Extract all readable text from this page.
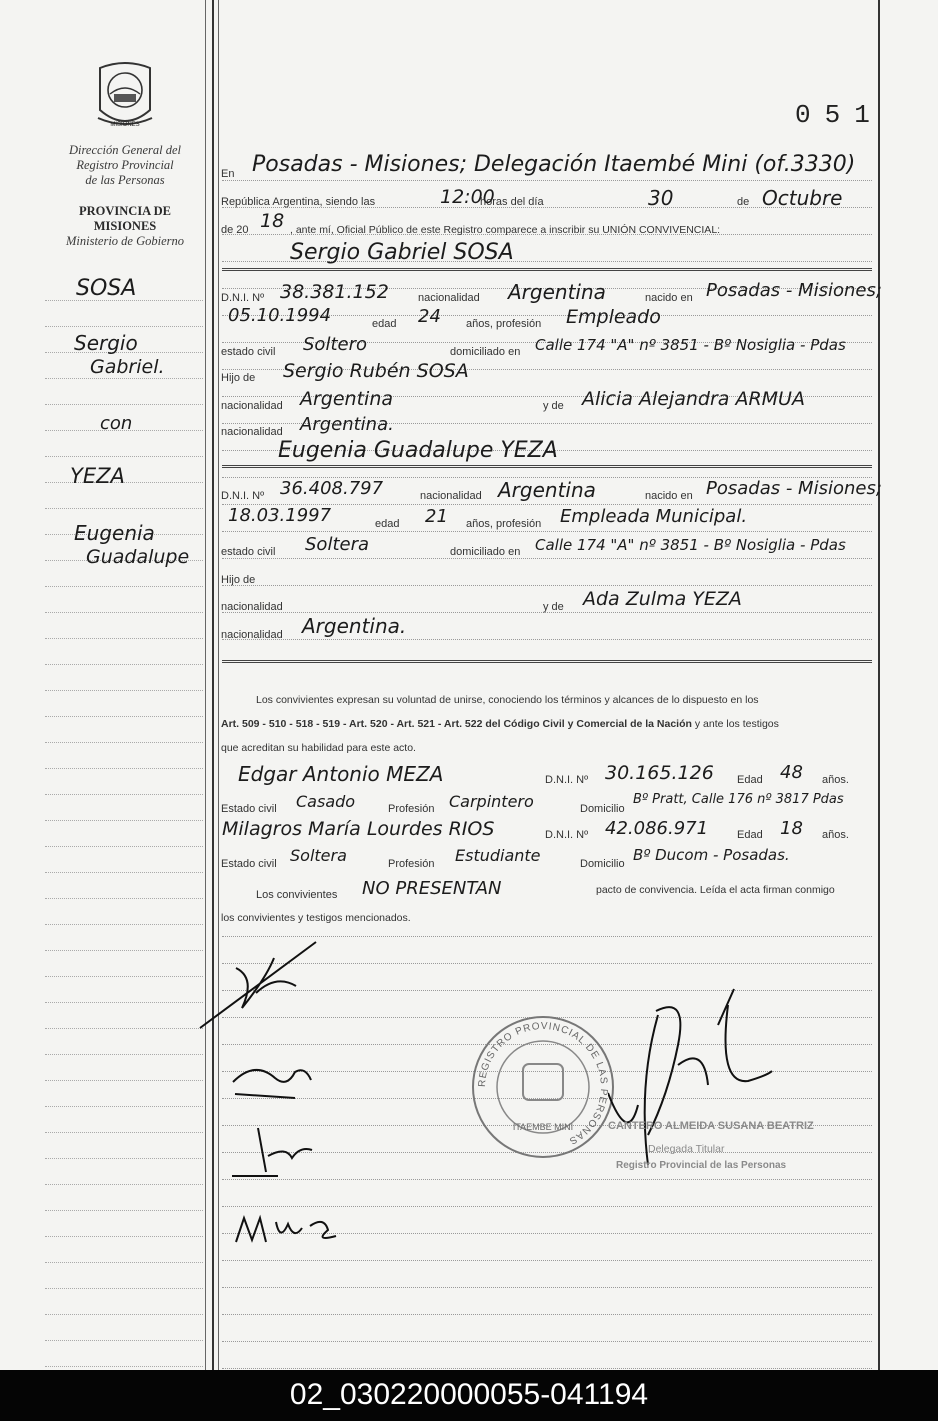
MISIONES
Dirección General del
Registro Provincial
de las Personas
PROVINCIA DE
MISIONES
Ministerio de Gobierno
SOSA
Sergio
Gabriel.
con
YEZA
Eugenia
Guadalupe
051
En Posadas - Misiones; Delegación Itaembé Mini (of.3330)
República Argentina, siendo las	12:00
horas del día	30	de Octubre
de 20 18 , ante mí, Oficial Público de este Registro comparece a inscribir su UNIÓN CONVIVENCIAL:
Sergio Gabriel SOSA
D.N.I. Nº 38.381.152	nacionalidad Argentina	nacido en Posadas - Misiones;
05.10.1994	edad 24 años, profesión Empleado
estado civil Soltero	domiciliado en Calle 174 "A" nº 3851 - Bº Nosiglia - Pdas
Hijo de Sergio Rubén SOSA
nacionalidad Argentina	y de Alicia Alejandra ARMUA
nacionalidad Argentina.
Eugenia Guadalupe YEZA
D.N.I. Nº 36.408.797	nacionalidad Argentina	nacido en Posadas - Misiones;
18.03.1997	edad 21 años, profesión Empleada Municipal.
estado civil Soltera	domiciliado en Calle 174 "A" nº 3851 - Bº Nosiglia - Pdas
Hijo de
nacionalidad	y de Ada Zulma YEZA
nacionalidad Argentina.
Los convivientes expresan su voluntad de unirse, conociendo los términos y alcances de lo dispuesto en los
Art. 509 - 510 - 518 - 519 - Art. 520 - Art. 521 - Art. 522 del Código Civil y Comercial de la Nación y ante los testigos
que acreditan su habilidad para este acto.
Edgar Antonio MEZA	D.N.I. Nº 30.165.126 Edad 48 años.
Estado civil Casado	Profesión Carpintero	Domicilio
Bº Pratt, Calle 176 nº 3817 Pdas
Milagros María Lourdes RIOS	D.N.I. Nº 42.086.971	Edad 18 años.
Estado civil Soltera	Profesión Estudiante	Domicilio Bº Ducom - Posadas.
Los convivientes NO PRESENTAN	pacto de convivencia. Leída el acta firman conmigo
los convivientes y testigos mencionados.
REGISTRO PROVINCIAL DE LAS PERSONAS
ITAEMBE MINI	CANTERO ALMEIDA SUSANA BEATRIZ
Delegada Titular
Registro Provincial de las Personas
02_030220000055-041194
